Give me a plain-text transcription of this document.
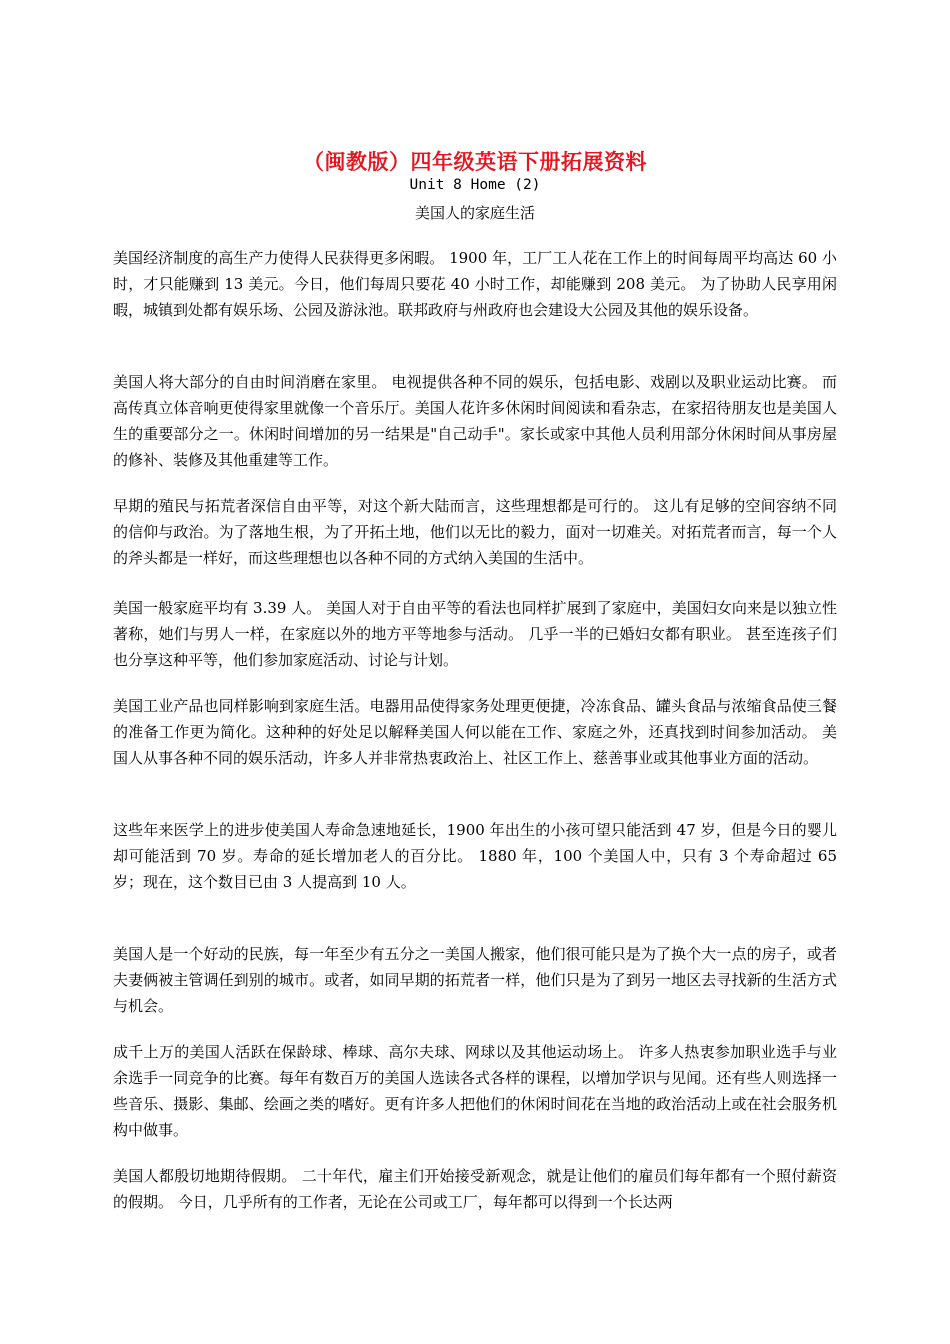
（闽教版）四年级英语下册拓展资料
Unit 8 Home (2)
美国人的家庭生活

美国经济制度的高生产力使得人民获得更多闲暇。 1900 年，工厂工人花在工作上的时间每周平均高达 60 小时，才只能赚到 13 美元。今日，他们每周只要花 40 小时工作，却能赚到 208 美元。 为了协助人民享用闲暇，城镇到处都有娱乐场、公园及游泳池。联邦政府与州政府也会建设大公园及其他的娱乐设备。

美国人将大部分的自由时间消磨在家里。 电视提供各种不同的娱乐，包括电影、戏剧以及职业运动比赛。 而高传真立体音响更使得家里就像一个音乐厅。美国人花许多休闲时间阅读和看杂志，在家招待朋友也是美国人生的重要部分之一。休闲时间增加的另一结果是"自己动手"。家长或家中其他人员利用部分休闲时间从事房屋的修补、装修及其他重建等工作。

早期的殖民与拓荒者深信自由平等，对这个新大陆而言，这些理想都是可行的。 这儿有足够的空间容纳不同的信仰与政治。为了落地生根，为了开拓土地，他们以无比的毅力，面对一切难关。对拓荒者而言，每一个人的斧头都是一样好，而这些理想也以各种不同的方式纳入美国的生活中。

美国一般家庭平均有 3.39 人。 美国人对于自由平等的看法也同样扩展到了家庭中，美国妇女向来是以独立性著称，她们与男人一样，在家庭以外的地方平等地参与活动。 几乎一半的已婚妇女都有职业。 甚至连孩子们也分享这种平等，他们参加家庭活动、讨论与计划。

美国工业产品也同样影响到家庭生活。电器用品使得家务处理更便捷，冷冻食品、罐头食品与浓缩食品使三餐的准备工作更为简化。这种种的好处足以解释美国人何以能在工作、家庭之外，还真找到时间参加活动。 美国人从事各种不同的娱乐活动，许多人并非常热衷政治上、社区工作上、慈善事业或其他事业方面的活动。

这些年来医学上的进步使美国人寿命急速地延长，1900 年出生的小孩可望只能活到 47 岁，但是今日的婴儿却可能活到 70 岁。寿命的延长增加老人的百分比。 1880 年，100 个美国人中，只有 3 个寿命超过 65 岁；现在，这个数目已由 3 人提高到 10 人。

美国人是一个好动的民族，每一年至少有五分之一美国人搬家，他们很可能只是为了换个大一点的房子，或者夫妻俩被主管调任到别的城市。或者，如同早期的拓荒者一样，他们只是为了到另一地区去寻找新的生活方式与机会。

成千上万的美国人活跃在保龄球、棒球、高尔夫球、网球以及其他运动场上。 许多人热衷参加职业选手与业余选手一同竞争的比赛。每年有数百万的美国人选读各式各样的课程，以增加学识与见闻。还有些人则选择一些音乐、摄影、集邮、绘画之类的嗜好。更有许多人把他们的休闲时间花在当地的政治活动上或在社会服务机构中做事。

美国人都殷切地期待假期。 二十年代，雇主们开始接受新观念，就是让他们的雇员们每年都有一个照付薪资的假期。 今日，几乎所有的工作者，无论在公司或工厂，每年都可以得到一个长达两
